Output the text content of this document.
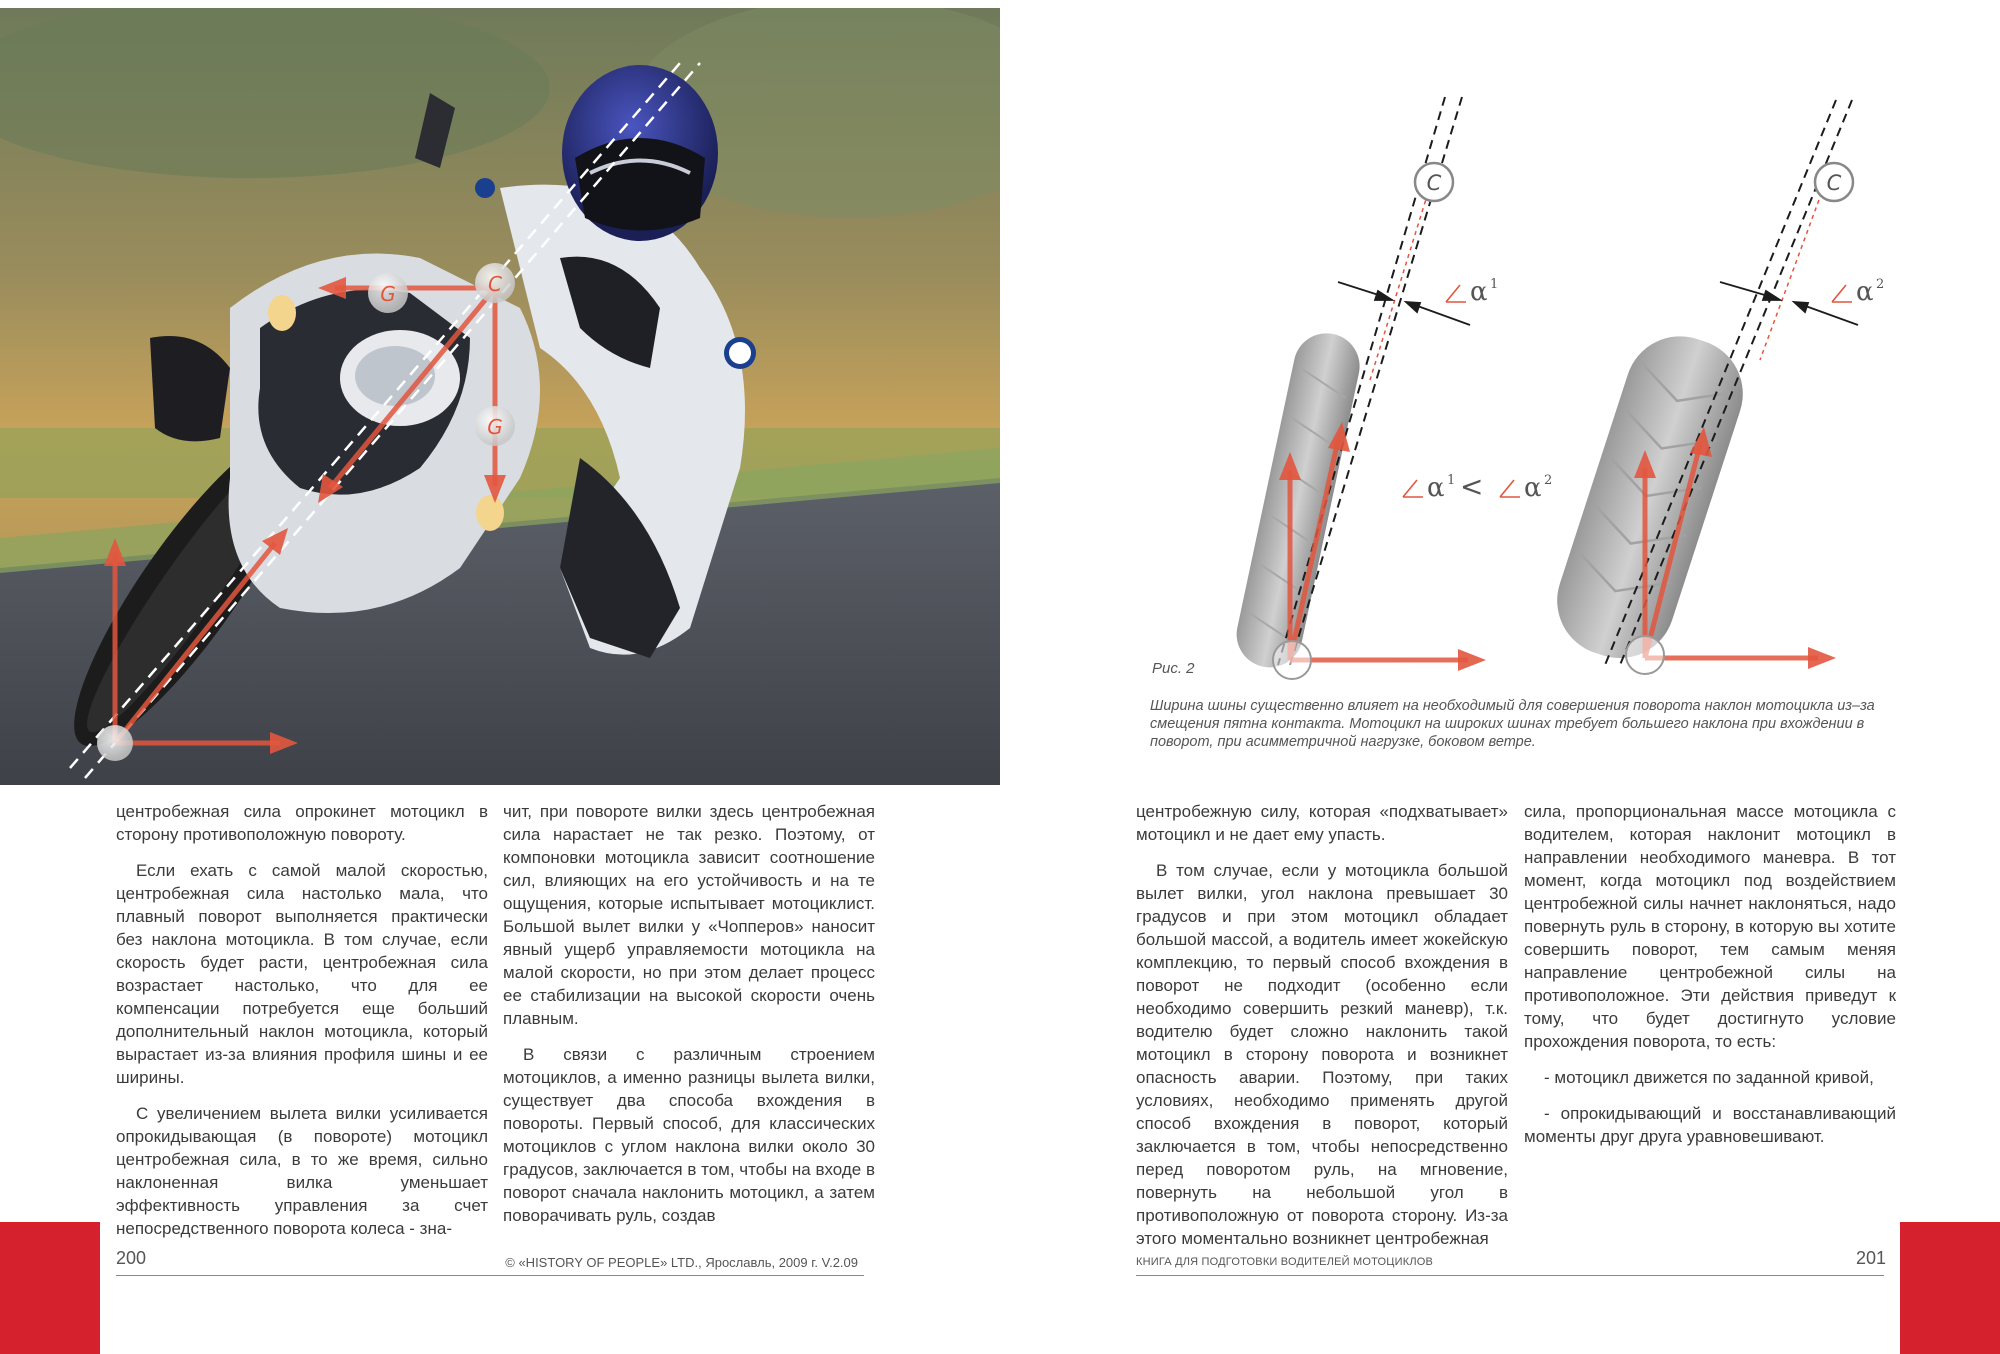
G	C
G
C	C
α 1	α 2
α 1 < α 2
Рис. 2
Ширина шины существенно влияет на необходимый для совершения поворота наклон мотоцикла из–за смещения пятна контакта. Мотоцикл на широких шинах требует большего наклона при вхождении в поворот, при асимметричной нагрузке, боковом ветре.

центробежная сила опрокинет мотоцикл в сторону противоположную повороту.

Если ехать с самой малой скоростью, центробежная сила настолько мала, что плавный поворот выполняется практически без наклона мотоцикла. В том случае, если скорость будет расти, центробежная сила возрастает настолько, что для ее компенсации потребуется еще больший дополнительный наклон мотоцикла, который вырастает из-за влияния профиля шины и ее ширины.

С увеличением вылета вилки усиливается опрокидывающая (в повороте) мотоцикл центробежная сила, в то же время, сильно наклоненная вилка уменьшает эффективность управления за счет непосредственного поворота колеса - зна-

чит, при повороте вилки здесь центробежная сила нарастает не так резко. Поэтому, от компоновки мотоцикла зависит соотношение сил, влияющих на его устойчивость и на те ощущения, которые испытывает мотоциклист. Большой вылет вилки у «Чопперов» наносит явный ущерб управляемости мотоцикла на малой скорости, но при этом делает процесс ее стабилизации на высокой скорости очень плавным.

В связи с различным строением мотоциклов, а именно разницы вылета вилки, существует два способа вхождения в повороты. Первый способ, для классических мотоциклов с углом наклона вилки около 30 градусов, заключается в том, чтобы на входе в поворот сначала наклонить мотоцикл, а затем поворачивать руль, создав

центробежную силу, которая «подхватывает» мотоцикл и не дает ему упасть.

В том случае, если у мотоцикла большой вылет вилки, угол наклона превышает 30 градусов и при этом мотоцикл обладает большой массой, а водитель имеет жокейскую комплекцию, то первый способ вхождения в поворот не подходит (особенно если необходимо совершить резкий маневр), т.к. водителю будет сложно наклонить такой мотоцикл в сторону поворота и возникнет опасность аварии. Поэтому, при таких условиях, необходимо применять другой способ вхождения в поворот, который заключается в том, чтобы непосредственно перед поворотом руль, на мгновение, повернуть на небольшой угол в противоположную от поворота сторону. Из-за этого моментально возникнет центробежная

сила, пропорциональная массе мотоцикла с водителем, которая наклонит мотоцикл в направлении необходимого маневра. В тот момент, когда мотоцикл под воздействием центробежной силы начнет наклоняться, надо повернуть руль в сторону, в которую вы хотите совершить поворот, тем самым меняя направление центробежной силы на противоположное. Эти действия приведут к тому, что будет достигнуто условие прохождения поворота, то есть:

- мотоцикл движется по заданной кривой,

- опрокидывающий и восстанавливающий моменты друг друга уравновешивают.

200	201
© «HISTORY OF PEOPLE» LTD., Ярославль, 2009 г. V.2.09	КНИГА ДЛЯ ПОДГОТОВКИ ВОДИТЕЛЕЙ МОТОЦИКЛОВ
